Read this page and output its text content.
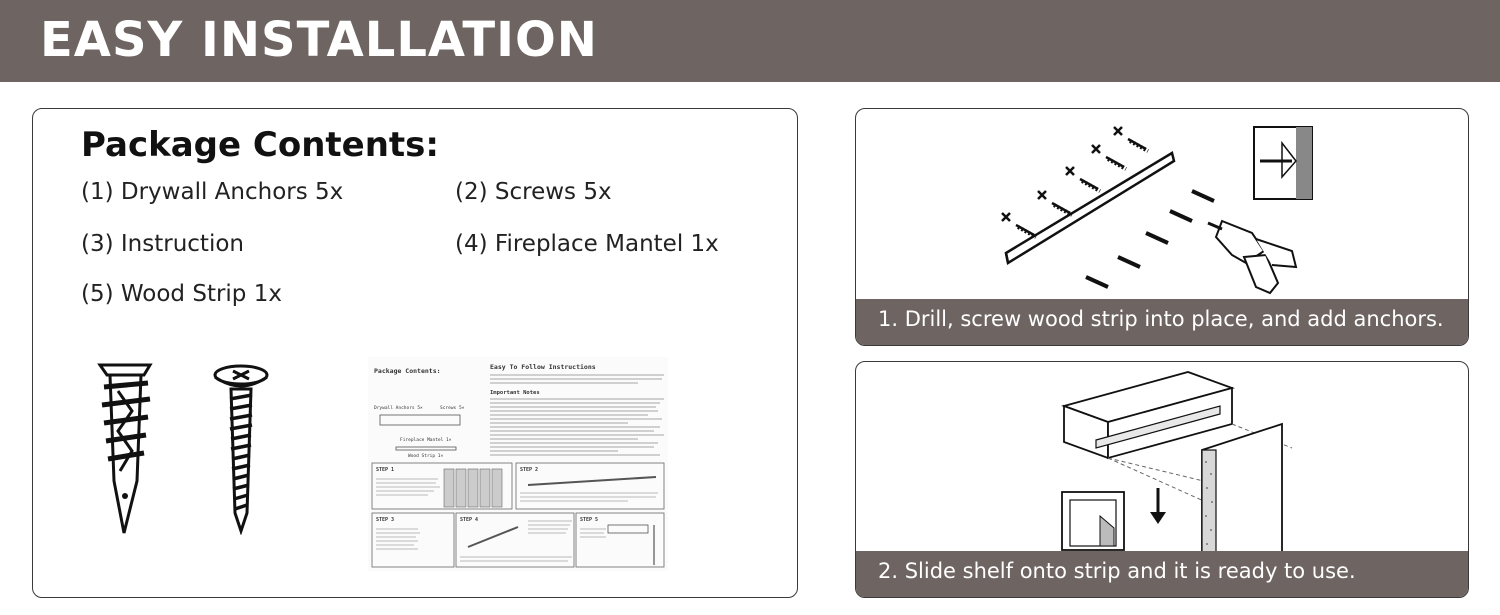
EASY INSTALLATION
Package Contents:
(1) Drywall Anchors 5x	(2) Screws 5x
(3) Instruction	(4) Fireplace Mantel 1x
(5) Wood Strip 1x
Package Contents:	Easy To Follow Instructions
Important Notes
Drywall Anchors 5×	Screws 5×
Fireplace Mantel 1×
Wood Strip 1×
STEP 1	STEP 2
STEP 3	STEP 4	STEP 5
1. Drill, screw wood strip into place, and add anchors.
2. Slide shelf onto strip and it is ready to use.
